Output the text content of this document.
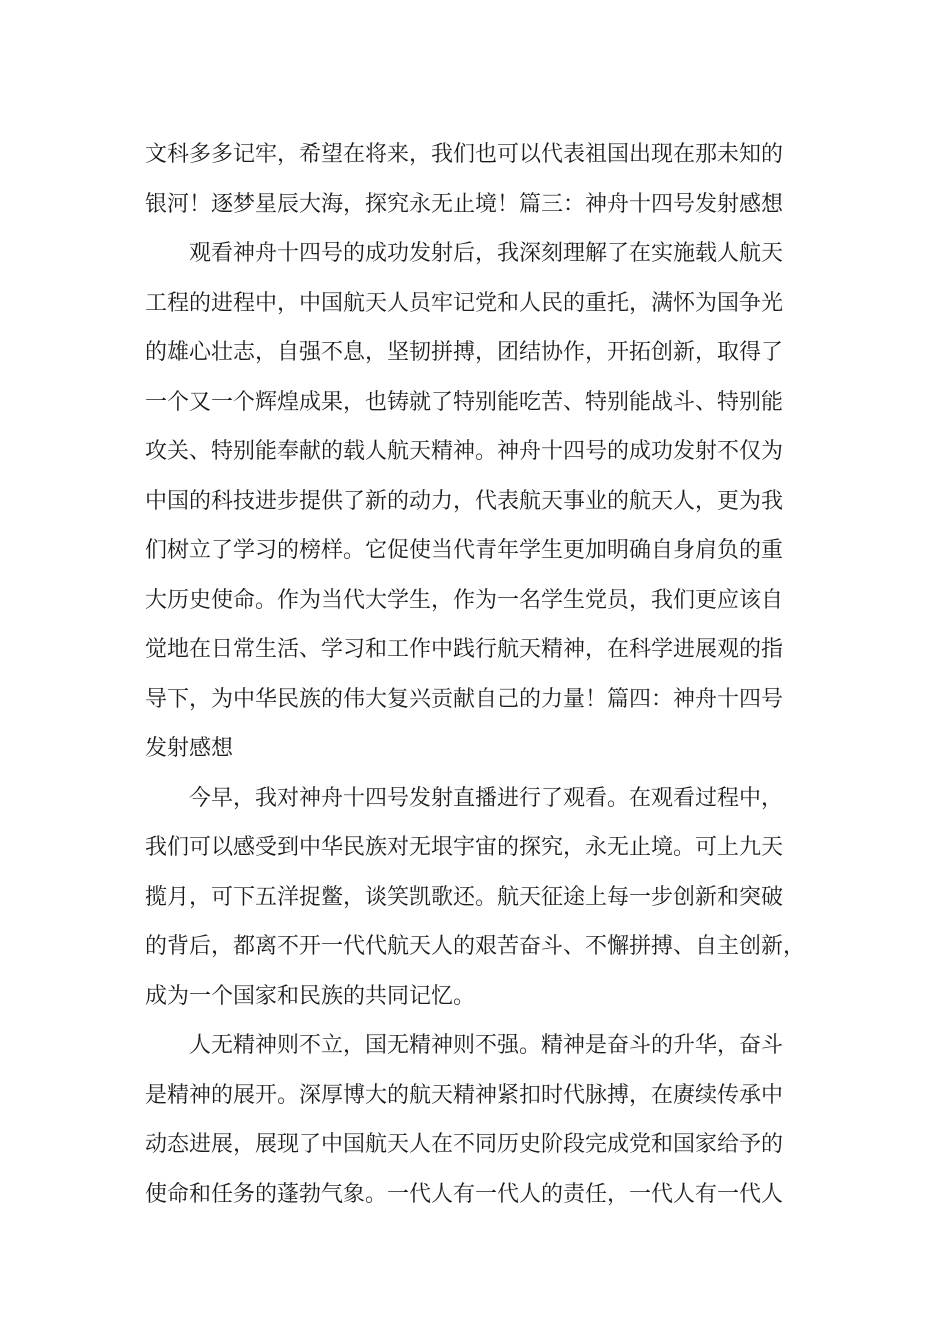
文科多多记牢，希望在将来，我们也可以代表祖国出现在那未知的
银河！逐梦星辰大海，探究永无止境！篇三：神舟十四号发射感想
观看神舟十四号的成功发射后，我深刻理解了在实施载人航天
工程的进程中，中国航天人员牢记党和人民的重托，满怀为国争光
的雄心壮志，自强不息，坚韧拼搏，团结协作，开拓创新，取得了
一个又一个辉煌成果，也铸就了特别能吃苦、特别能战斗、特别能
攻关、特别能奉献的载人航天精神。神舟十四号的成功发射不仅为
中国的科技进步提供了新的动力，代表航天事业的航天人，更为我
们树立了学习的榜样。它促使当代青年学生更加明确自身肩负的重
大历史使命。作为当代大学生，作为一名学生党员，我们更应该自
觉地在日常生活、学习和工作中践行航天精神，在科学进展观的指
导下，为中华民族的伟大复兴贡献自己的力量！篇四：神舟十四号
发射感想
今早，我对神舟十四号发射直播进行了观看。在观看过程中，
我们可以感受到中华民族对无垠宇宙的探究，永无止境。可上九天
揽月，可下五洋捉鳖，谈笑凯歌还。航天征途上每一步创新和突破
的背后，都离不开一代代航天人的艰苦奋斗、不懈拼搏、自主创新，
成为一个国家和民族的共同记忆。
人无精神则不立，国无精神则不强。精神是奋斗的升华，奋斗
是精神的展开。深厚博大的航天精神紧扣时代脉搏，在赓续传承中
动态进展，展现了中国航天人在不同历史阶段完成党和国家给予的
使命和任务的蓬勃气象。一代人有一代人的责任，一代人有一代人
